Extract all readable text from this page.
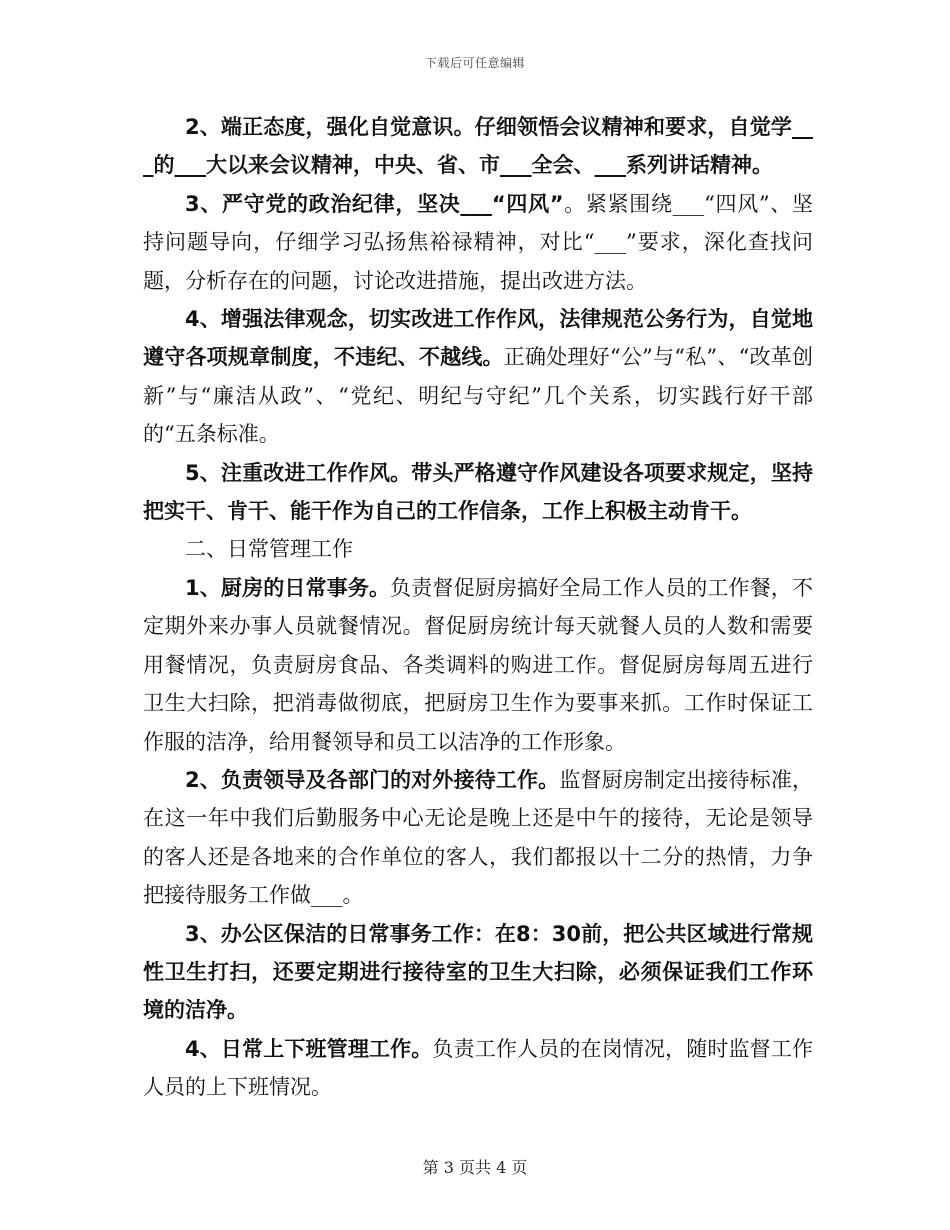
下载后可任意编辑

2、端正态度，强化自觉意识。仔细领悟会议精神和要求，自觉学___的___大以来会议精神，中央、省、市___全会、___系列讲话精神。

3、严守党的政治纪律，坚决___“四风”。紧紧围绕___“四风”、坚持问题导向，仔细学习弘扬焦裕禄精神，对比“___”要求，深化查找问题，分析存在的问题，讨论改进措施，提出改进方法。

4、增强法律观念，切实改进工作作风，法律规范公务行为，自觉地遵守各项规章制度，不违纪、不越线。正确处理好“公”与“私”、“改革创新”与“廉洁从政”、“党纪、明纪与守纪”几个关系，切实践行好干部的“五条标准。

5、注重改进工作作风。带头严格遵守作风建设各项要求规定，坚持把实干、肯干、能干作为自己的工作信条，工作上积极主动肯干。

二、日常管理工作

1、厨房的日常事务。负责督促厨房搞好全局工作人员的工作餐，不定期外来办事人员就餐情况。督促厨房统计每天就餐人员的人数和需要用餐情况，负责厨房食品、各类调料的购进工作。督促厨房每周五进行卫生大扫除，把消毒做彻底，把厨房卫生作为要事来抓。工作时保证工作服的洁净，给用餐领导和员工以洁净的工作形象。

2、负责领导及各部门的对外接待工作。监督厨房制定出接待标准，在这一年中我们后勤服务中心无论是晚上还是中午的接待，无论是领导的客人还是各地来的合作单位的客人，我们都报以十二分的热情，力争把接待服务工作做___。

3、办公区保洁的日常事务工作：在8：30前，把公共区域进行常规性卫生打扫，还要定期进行接待室的卫生大扫除，必须保证我们工作环境的洁净。

4、日常上下班管理工作。负责工作人员的在岗情况，随时监督工作人员的上下班情况。

第 3 页共 4 页
